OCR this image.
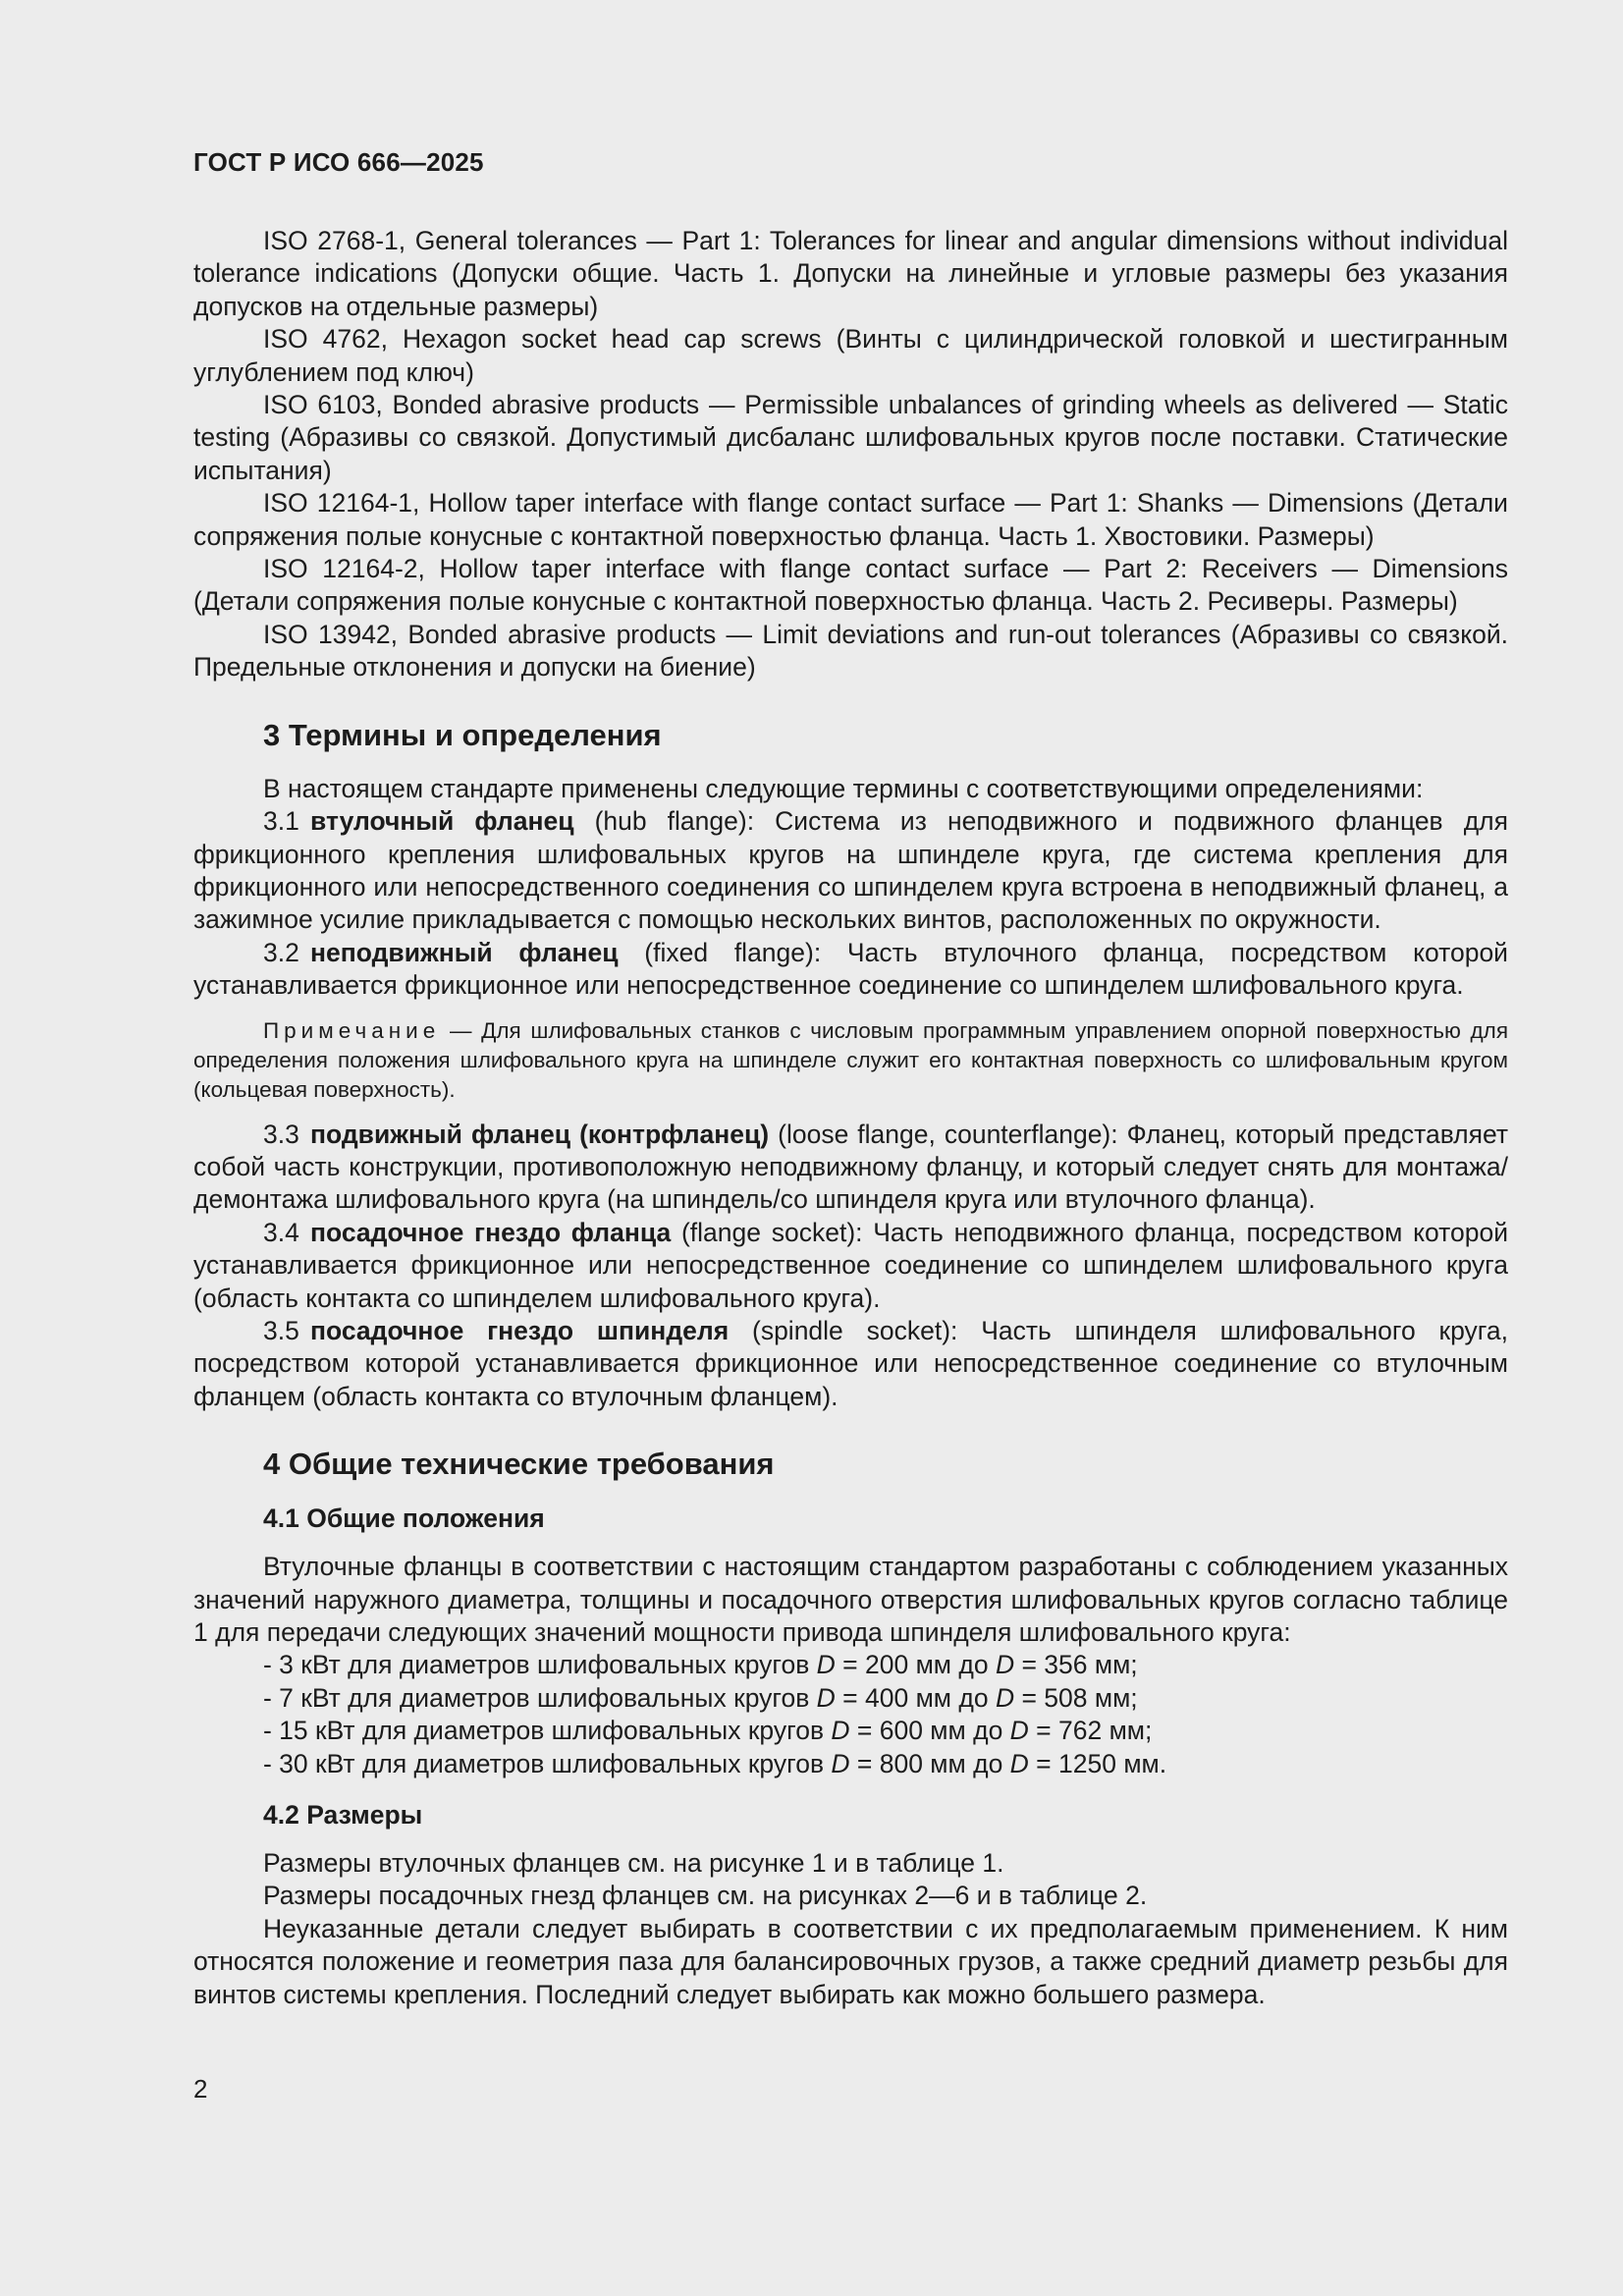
ГОСТ Р ИСО 666—2025

ISO 2768-1, General tolerances — Part 1: Tolerances for linear and angular dimensions without individual tolerance indications (Допуски общие. Часть 1. Допуски на линейные и угловые размеры без указания допусков на отдельные размеры)

ISO 4762, Hexagon socket head cap screws (Винты с цилиндрической головкой и шестигранным углублением под ключ)

ISO 6103, Bonded abrasive products — Permissible unbalances of grinding wheels as delivered — Static testing (Абразивы со связкой. Допустимый дисбаланс шлифовальных кругов после поставки. Статические испытания)

ISO 12164-1, Hollow taper interface with flange contact surface — Part 1: Shanks — Dimensions (Детали сопряжения полые конусные с контактной поверхностью фланца. Часть 1. Хвостовики. Размеры)

ISO 12164-2, Hollow taper interface with flange contact surface — Part 2: Receivers — Dimensions (Детали сопряжения полые конусные с контактной поверхностью фланца. Часть 2. Ресиверы. Размеры)

ISO 13942, Bonded abrasive products — Limit deviations and run-out tolerances (Абразивы со связкой. Предельные отклонения и допуски на биение)

3 Термины и определения

В настоящем стандарте применены следующие термины с соответствующими определениями:

3.1 втулочный фланец (hub flange): Система из неподвижного и подвижного фланцев для фрикционного крепления шлифовальных кругов на шпинделе круга, где система крепления для фрикционного или непосредственного соединения со шпинделем круга встроена в неподвижный фланец, а зажимное усилие прикладывается с помощью нескольких винтов, расположенных по окружности.

3.2 неподвижный фланец (fixed flange): Часть втулочного фланца, посредством которой устанавливается фрикционное или непосредственное соединение со шпинделем шлифовального круга.

Примечание — Для шлифовальных станков с числовым программным управлением опорной поверхностью для определения положения шлифовального круга на шпинделе служит его контактная поверхность со шлифовальным кругом (кольцевая поверхность).

3.3 подвижный фланец (контрфланец) (loose flange, counterflange): Фланец, который представляет собой часть конструкции, противоположную неподвижному фланцу, и который следует снять для монтажа/демонтажа шлифовального круга (на шпиндель/со шпинделя круга или втулочного фланца).

3.4 посадочное гнездо фланца (flange socket): Часть неподвижного фланца, посредством которой устанавливается фрикционное или непосредственное соединение со шпинделем шлифовального круга (область контакта со шпинделем шлифовального круга).

3.5 посадочное гнездо шпинделя (spindle socket): Часть шпинделя шлифовального круга, посредством которой устанавливается фрикционное или непосредственное соединение со втулочным фланцем (область контакта со втулочным фланцем).

4 Общие технические требования
4.1 Общие положения

Втулочные фланцы в соответствии с настоящим стандартом разработаны с соблюдением указанных значений наружного диаметра, толщины и посадочного отверстия шлифовальных кругов согласно таблице 1 для передачи следующих значений мощности привода шпинделя шлифовального круга:

- 3 кВт для диаметров шлифовальных кругов D = 200 мм до D = 356 мм;
- 7 кВт для диаметров шлифовальных кругов D = 400 мм до D = 508 мм;
- 15 кВт для диаметров шлифовальных кругов D = 600 мм до D = 762 мм;
- 30 кВт для диаметров шлифовальных кругов D = 800 мм до D = 1250 мм.
4.2 Размеры

Размеры втулочных фланцев см. на рисунке 1 и в таблице 1.

Размеры посадочных гнезд фланцев см. на рисунках 2—6 и в таблице 2.

Неуказанные детали следует выбирать в соответствии с их предполагаемым применением. К ним относятся положение и геометрия паза для балансировочных грузов, а также средний диаметр резьбы для винтов системы крепления. Последний следует выбирать как можно большего размера.

2
